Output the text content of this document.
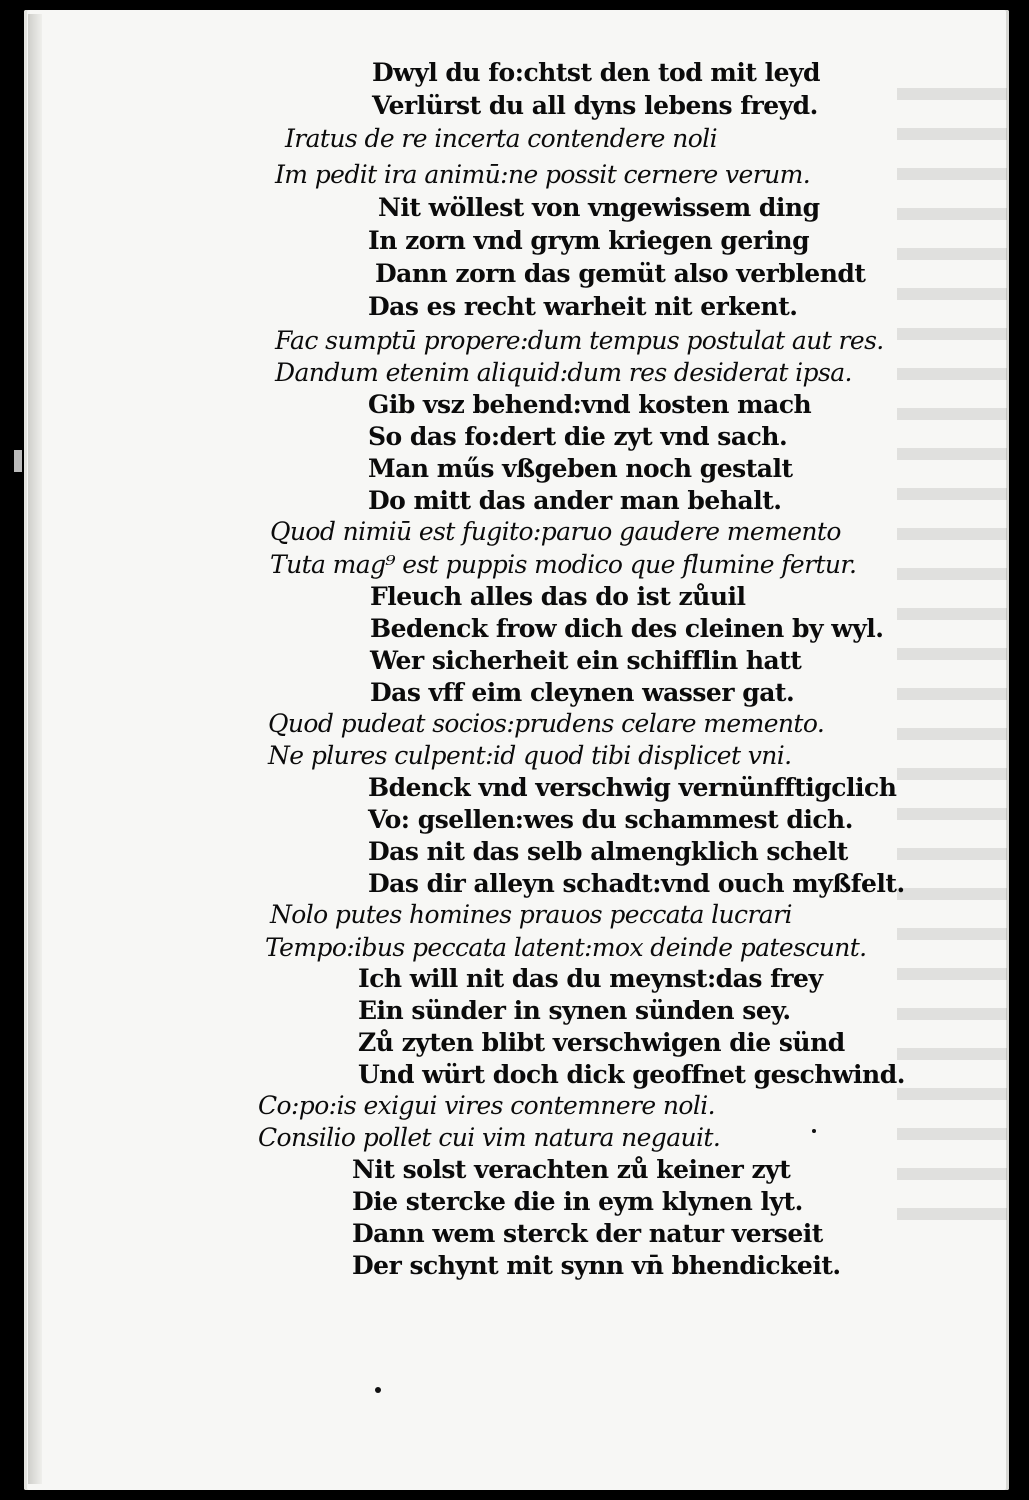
Dwyl du fo:chtst den tod mit leyd
Verlürst du all dyns lebens freyd.
Iratus de re incerta contendere noli
Im pedit ira animū:ne possit cernere verum.
Nit wöllest von vngewissem ding
In zorn vnd grym kriegen gering
Dann zorn das gemüt also verblendt
Das es recht warheit nit erkent.
Fac sumptū propere:dum tempus postulat aut res.
Dandum etenim aliquid:dum res desiderat ipsa.
Gib vsz behend:vnd kosten mach
So das fo:dert die zyt vnd sach.
Man műs vßgeben noch gestalt
Do mitt das ander man behalt.
Quod nimiū est fugito:paruo gaudere memento
Tuta mag⁹ est puppis modico que flumine fertur.
Fleuch alles das do ist zůuil
Bedenck frow dich des cleinen by wyl.
Wer sicherheit ein schifflin hatt
Das vff eim cleynen wasser gat.
Quod pudeat socios:prudens celare memento.
Ne plures culpent:id quod tibi displicet vni.
Bdenck vnd verschwig vernünfftigclich
Vo: gsellen:wes du schammest dich.
Das nit das selb almengklich schelt
Das dir alleyn schadt:vnd ouch myßfelt.
Nolo putes homines prauos peccata lucrari
Tempo:ibus peccata latent:mox deinde patescunt.
Ich will nit das du meynst:das frey
Ein sünder in synen sünden sey.
Zů zyten blibt verschwigen die sünd
Und würt doch dick geoffnet geschwind.
Co:po:is exigui vires contemnere noli.
Consilio pollet cui vim natura negauit.
Nit solst verachten zů keiner zyt
Die stercke die in eym klynen lyt.
Dann wem sterck der natur verseit
Der schynt mit synn vn̄ bhendickeit.
